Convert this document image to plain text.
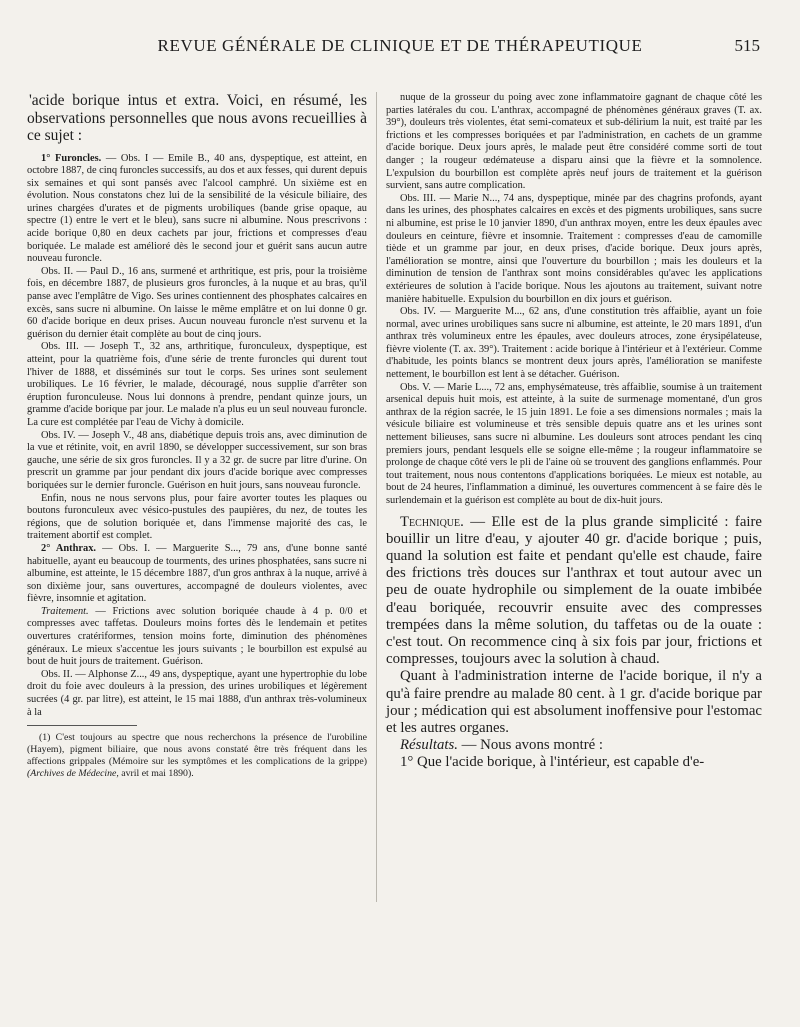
REVUE GÉNÉRALE DE CLINIQUE ET DE THÉRAPEUTIQUE	515

'acide borique intus et extra. Voici, en résumé, les observations personnelles que nous avons recueillies à ce sujet :

1° Furoncles. — Obs. I — Emile B., 40 ans, dyspeptique, est atteint, en octobre 1887, de cinq furoncles successifs, au dos et aux fesses, qui durent depuis six semaines et qui sont pansés avec l'alcool camphré. Un sixième est en évolution. Nous constatons chez lui de la sensibilité de la vésicule biliaire, des urines chargées d'urates et de pigments urobiliques (bande grise opaque, au spectre (1) entre le vert et le bleu), sans sucre ni albumine. Nous prescrivons : acide borique 0,80 en deux cachets par jour, frictions et compresses d'eau boriquée. Le malade est amélioré dès le second jour et guérit sans aucun autre nouveau furoncle.

Obs. II. — Paul D., 16 ans, surmené et arthritique, est pris, pour la troisième fois, en décembre 1887, de plusieurs gros furoncles, à la nuque et au bras, qu'il panse avec l'emplâtre de Vigo. Ses urines contiennent des phosphates calcaires en excès, sans sucre ni albumine. On laisse le même emplâtre et on lui donne 0 gr. 60 d'acide borique en deux prises. Aucun nouveau furoncle n'est survenu et la guérison du dernier était complète au bout de cinq jours.

Obs. III. — Joseph T., 32 ans, arthritique, furonculeux, dyspeptique, est atteint, pour la quatrième fois, d'une série de trente furoncles qui durent tout l'hiver de 1888, et disséminés sur tout le corps. Ses urines sont seulement urobiliques. Le 16 février, le malade, découragé, nous supplie d'arrêter son éruption furonculeuse. Nous lui donnons à prendre, pendant quinze jours, un gramme d'acide borique par jour. Le malade n'a plus eu un seul nouveau furoncle. La cure est complétée par l'eau de Vichy à domicile.

Obs. IV. — Joseph V., 48 ans, diabétique depuis trois ans, avec diminution de la vue et rétinite, voit, en avril 1890, se développer successivement, sur son bras gauche, une série de six gros furoncles. Il y a 32 gr. de sucre par litre d'urine. On prescrit un gramme par jour pendant dix jours d'acide borique avec compresses boriquées sur le dernier furoncle. Guérison en huit jours, sans nouveau furoncle.

Enfin, nous ne nous servons plus, pour faire avorter toutes les plaques ou boutons furonculeux avec vésico-pustules des paupières, du nez, de toutes les régions, que de solution boriquée et, dans l'immense majorité des cas, le traitement abortif est complet.

2° Anthrax. — Obs. I. — Marguerite S..., 79 ans, d'une bonne santé habituelle, ayant eu beaucoup de tourments, des urines phosphatées, sans sucre ni albumine, est atteinte, le 15 décembre 1887, d'un gros anthrax à la nuque, arrivé à son dixième jour, sans ouvertures, accompagné de douleurs violentes, avec fièvre, insomnie et agitation.

Traitement. — Frictions avec solution boriquée chaude à 4 p. 0/0 et compresses avec taffetas. Douleurs moins fortes dès le lendemain et petites ouvertures cratériformes, tension moins forte, diminution des phénomènes généraux. Le mieux s'accentue les jours suivants ; le bourbillon est expulsé au bout de huit jours de traitement. Guérison.

Obs. II. — Alphonse Z..., 49 ans, dyspeptique, ayant une hypertrophie du lobe droit du foie avec douleurs à la pression, des urines urobiliques et légèrement sucrées (4 gr. par litre), est atteint, le 15 mai 1888, d'un anthrax très-volumineux à la

(1) C'est toujours au spectre que nous recherchons la présence de l'urobiline (Hayem), pigment biliaire, que nous avons constaté être très fréquent dans les affections grippales (Mémoire sur les symptômes et les complications de la grippe) (Archives de Médecine, avril et mai 1890).

nuque de la grosseur du poing avec zone inflammatoire gagnant de chaque côté les parties latérales du cou. L'anthrax, accompagné de phénomènes généraux graves (T. ax. 39°), douleurs très violentes, état semi-comateux et sub-délirium la nuit, est traité par les frictions et les compresses boriquées et par l'administration, en cachets de un gramme d'acide borique. Deux jours après, le malade peut être considéré comme sorti de tout danger ; la rougeur œdémateuse a disparu ainsi que la fièvre et la somnolence. L'expulsion du bourbillon est complète après neuf jours de traitement et la guérison survient, sans autre complication.

Obs. III. — Marie N..., 74 ans, dyspeptique, minée par des chagrins profonds, ayant dans les urines, des phosphates calcaires en excès et des pigments urobiliques, sans sucre ni albumine, est prise le 10 janvier 1890, d'un anthrax moyen, entre les deux épaules avec douleurs en ceinture, fièvre et insomnie. Traitement : compresses d'eau de camomille tiède et un gramme par jour, en deux prises, d'acide borique. Deux jours après, l'amélioration se montre, ainsi que l'ouverture du bourbillon ; mais les douleurs et la diminution de tension de l'anthrax sont moins considérables qu'avec les applications extérieures de solution à l'acide borique. Nous les ajoutons au traitement, suivant notre manière habituelle. Expulsion du bourbillon en dix jours et guérison.

Obs. IV. — Marguerite M..., 62 ans, d'une constitution très affaiblie, ayant un foie normal, avec urines urobiliques sans sucre ni albumine, est atteinte, le 20 mars 1891, d'un anthrax très volumineux entre les épaules, avec douleurs atroces, zone érysipélateuse, fièvre violente (T. ax. 39°). Traitement : acide borique à l'intérieur et à l'extérieur. Comme d'habitude, les points blancs se montrent deux jours après, l'amélioration se manifeste nettement, le bourbillon est lent à se détacher. Guérison.

Obs. V. — Marie L..., 72 ans, emphysémateuse, très affaiblie, soumise à un traitement arsenical depuis huit mois, est atteinte, à la suite de surmenage momentané, d'un gros anthrax de la région sacrée, le 15 juin 1891. Le foie a ses dimensions normales ; mais la vésicule biliaire est volumineuse et très sensible depuis quatre ans et les urines sont nettement bilieuses, sans sucre ni albumine. Les douleurs sont atroces pendant les cinq premiers jours, pendant lesquels elle se soigne elle-même ; la rougeur inflammatoire se prolonge de chaque côté vers le pli de l'aine où se trouvent des ganglions enflammés. Pour tout traitement, nous nous contentons d'applications boriquées. Le mieux est notable, au bout de 24 heures, l'inflammation a diminué, les ouvertures commencent à se faire dès le surlendemain et la guérison est complète au bout de dix-huit jours.

Technique. — Elle est de la plus grande simplicité : faire bouillir un litre d'eau, y ajouter 40 gr. d'acide borique ; puis, quand la solution est faite et pendant qu'elle est chaude, faire des frictions très douces sur l'anthrax et tout autour avec un peu de ouate hydrophile ou simplement de la ouate imbibée d'eau boriquée, recouvrir ensuite avec des compresses trempées dans la même solution, du taffetas ou de la ouate : c'est tout. On recommence cinq à six fois par jour, frictions et compresses, toujours avec la solution à chaud.

Quant à l'administration interne de l'acide borique, il n'y a qu'à faire prendre au malade 80 cent. à 1 gr. d'acide borique par jour ; médication qui est absolument inoffensive pour l'estomac et les autres organes.

Résultats. — Nous avons montré :

1° Que l'acide borique, à l'intérieur, est capable d'e-
